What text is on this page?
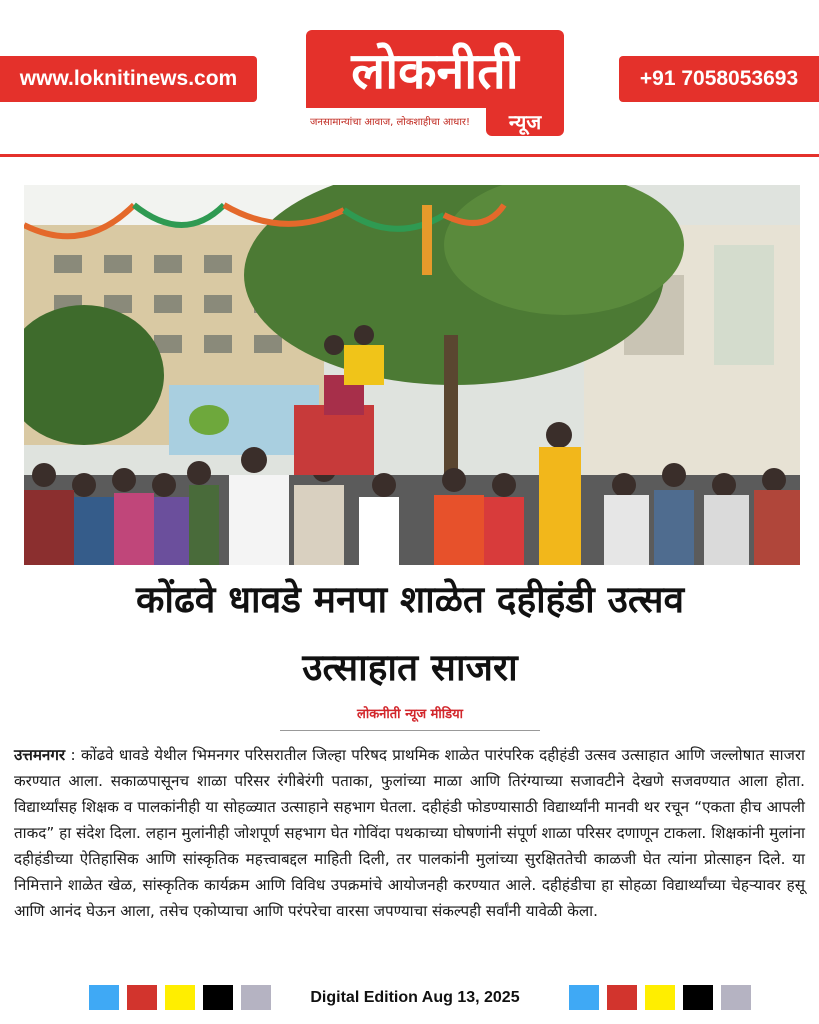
www.loknitinews.com	लोकनीती
जनसामान्यांचा आवाज, लोकशाहीचा आधार!	न्यूज
+91 7058053693
कोंढवे धावडे मनपा शाळेत दहीहंडी उत्सव
उत्साहात साजरा
लोकनीती न्यूज मीडिया

उत्तमनगर : कोंढवे धावडे येथील भिमनगर परिसरातील जिल्हा परिषद प्राथमिक शाळेत पारंपरिक दहीहंडी उत्सव उत्साहात आणि जल्लोषात साजरा करण्यात आला. सकाळपासूनच शाळा परिसर रंगीबेरंगी पताका, फुलांच्या माळा आणि तिरंग्याच्या सजावटीने देखणे सजवण्यात आला होता. विद्यार्थ्यांसह शिक्षक व पालकांनीही या सोहळ्यात उत्साहाने सहभाग घेतला. दहीहंडी फोडण्यासाठी विद्यार्थ्यांनी मानवी थर रचून “एकता हीच आपली ताकद” हा संदेश दिला. लहान मुलांनीही जोशपूर्ण सहभाग घेत गोविंदा पथकाच्या घोषणांनी संपूर्ण शाळा परिसर दणाणून टाकला. शिक्षकांनी मुलांना दहीहंडीच्या ऐतिहासिक आणि सांस्कृतिक महत्त्वाबद्दल माहिती दिली, तर पालकांनी मुलांच्या सुरक्षिततेची काळजी घेत त्यांना प्रोत्साहन दिले. या निमित्ताने शाळेत खेळ, सांस्कृतिक कार्यक्रम आणि विविध उपक्रमांचे आयोजनही करण्यात आले. दहीहंडीचा हा सोहळा विद्यार्थ्यांच्या चेहऱ्यावर हसू आणि आनंद घेऊन आला, तसेच एकोप्याचा आणि परंपरेचा वारसा जपण्याचा संकल्पही सर्वांनी यावेळी केला.

Digital Edition Aug 13, 2025
